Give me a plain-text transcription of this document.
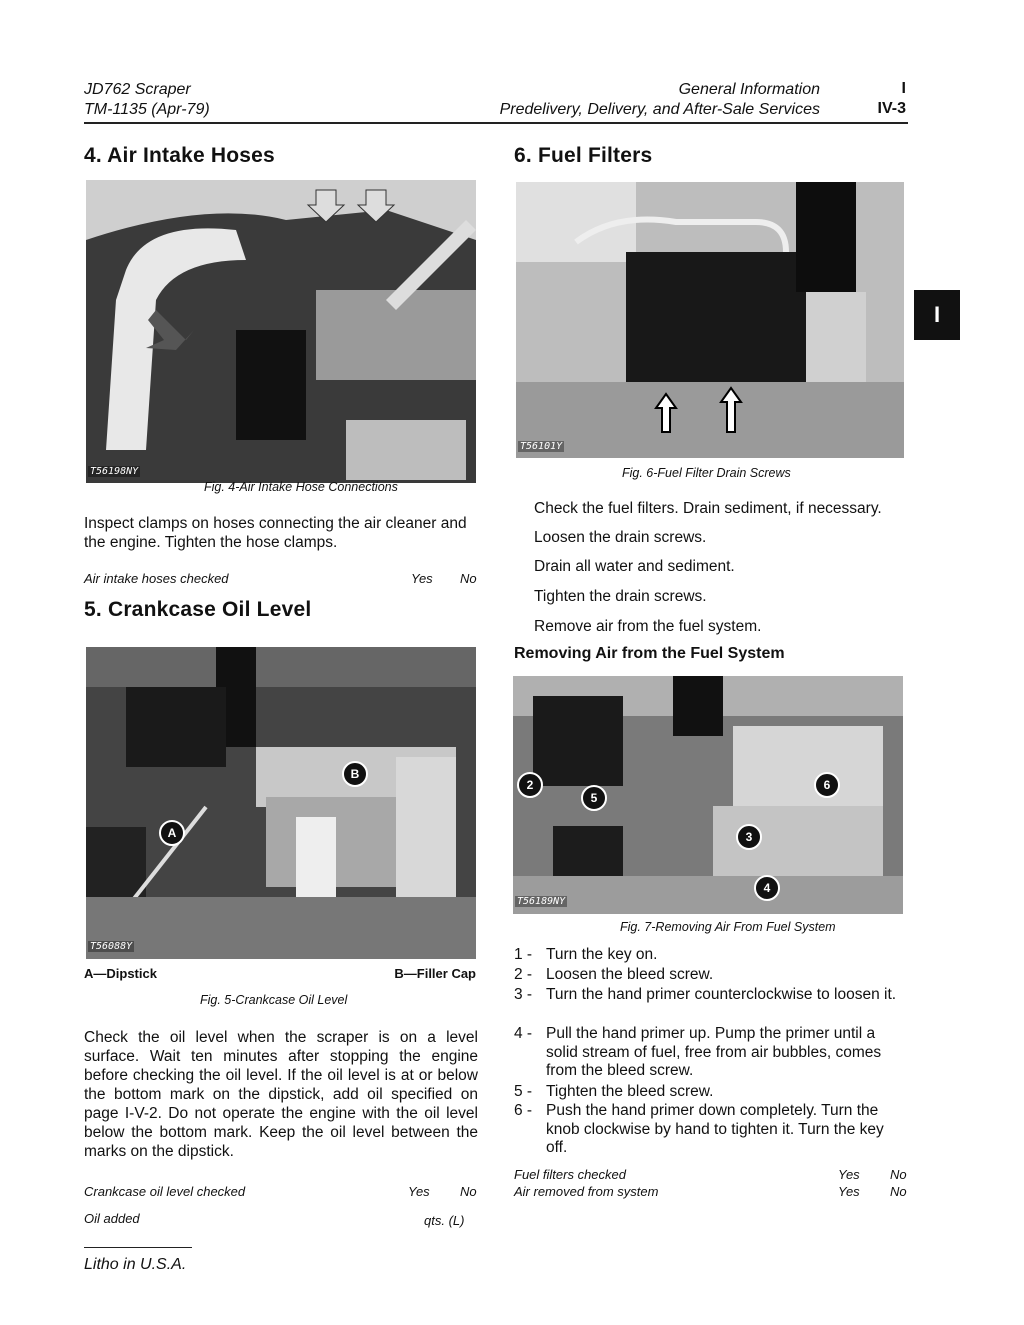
JD762 Scraper
TM-1135 (Apr-79)
General Information
Predelivery, Delivery, and After-Sale Services
I
IV-3
4. Air Intake Hoses
T56198NY
Fig. 4-Air Intake Hose Connections
Inspect clamps on hoses connecting the air cleaner and the engine. Tighten the hose clamps.
Air intake hoses checked	Yes No
5. Crankcase Oil Level
B
A
T56088Y
A—Dipstick	B—Filler Cap
Fig. 5-Crankcase Oil Level
Check the oil level when the scraper is on a level surface. Wait ten minutes after stopping the engine before checking the oil level. If the oil level is at or below the bottom mark on the dipstick, add oil specified on page I-V-2. Do not operate the engine with the oil level below the bottom mark. Keep the oil level between the marks on the dipstick.
Crankcase oil level checked	Yes No
Oil added	qts. (L)
6. Fuel Filters
T56101Y
Fig. 6-Fuel Filter Drain Screws
Check the fuel filters. Drain sediment, if necessary.
Loosen the drain screws.
Drain all water and sediment.
Tighten the drain screws.
Remove air from the fuel system.
Removing Air from the Fuel System
2
5
6
3
4
T56189NY
Fig. 7-Removing Air From Fuel System
1 - Turn the key on.
2 - Loosen the bleed screw.
3 - Turn the hand primer counterclockwise to loosen it.
4 - Pull the hand primer up. Pump the primer until a solid stream of fuel, free from air bubbles, comes from the bleed screw.
5 - Tighten the bleed screw.
6 - Push the hand primer down completely. Turn the knob clockwise by hand to tighten it. Turn the key off.
Fuel filters checked	Yes No
Air removed from system	Yes No
I
Litho in U.S.A.
